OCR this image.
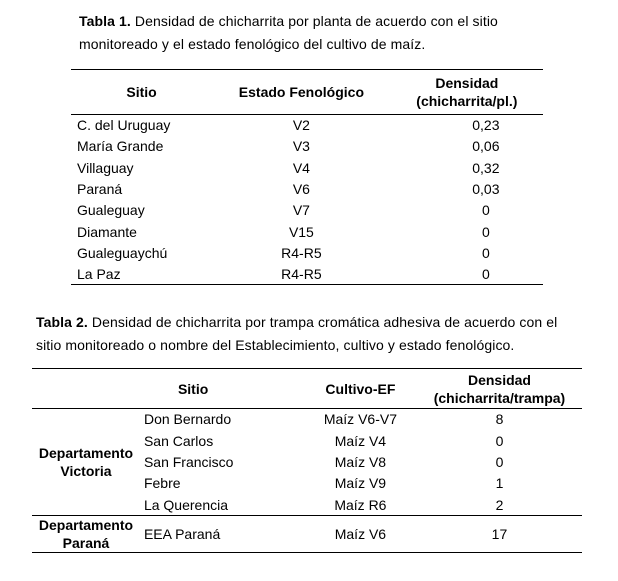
Tabla 1. Densidad de chicharrita por planta de acuerdo con el sitio monitoreado y el estado fenológico del cultivo de maíz.
Sitio	Estado Fenológico	Densidad
(chicharrita/pl.)
C. del Uruguay	V2	0,23
María Grande	V3	0,06
Villaguay	V4	0,32
Paraná	V6	0,03
Gualeguay	V7	0
Diamante	V15	0
Gualeguaychú	R4-R5	0
La Paz	R4-R5	0
Tabla 2. Densidad de chicharrita por trampa cromática adhesiva de acuerdo con el sitio monitoreado o nombre del Establecimiento, cultivo y estado fenológico.
	Sitio	Cultivo-EF	Densidad
(chicharrita/trampa)
Departamento
Victoria	Don Bernardo	Maíz V6-V7	8
	San Carlos	Maíz V4	0
	San Francisco	Maíz V8	0
	Febre	Maíz V9	1
	La Querencia	Maíz R6	2
Departamento
Paraná	EEA Paraná	Maíz V6	17
